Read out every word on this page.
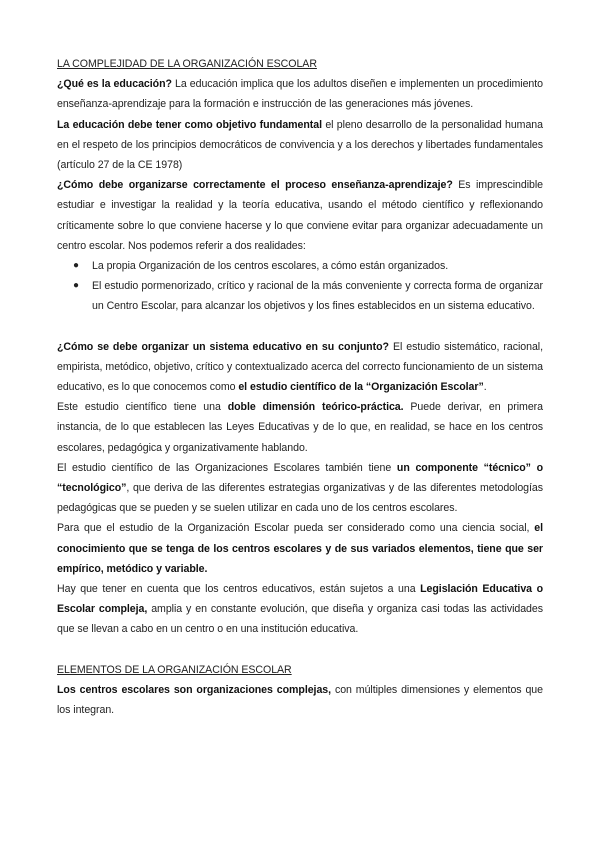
LA COMPLEJIDAD DE LA ORGANIZACIÓN ESCOLAR

¿Qué es la educación? La educación implica que los adultos diseñen e implementen un procedimiento enseñanza-aprendizaje para la formación e instrucción de las generaciones más jóvenes.

La educación debe tener como objetivo fundamental el pleno desarrollo de la personalidad humana en el respeto de los principios democráticos de convivencia y a los derechos y libertades fundamentales (artículo 27 de la CE 1978)

¿Cómo debe organizarse correctamente el proceso enseñanza-aprendizaje? Es imprescindible estudiar e investigar la realidad y la teoría educativa, usando el método científico y reflexionando críticamente sobre lo que conviene hacerse y lo que conviene evitar para organizar adecuadamente un centro escolar. Nos podemos referir a dos realidades:

● La propia Organización de los centros escolares, a cómo están organizados.
● El estudio pormenorizado, crítico y racional de la más conveniente y correcta forma de organizar un Centro Escolar, para alcanzar los objetivos y los fines establecidos en un sistema educativo.

¿Cómo se debe organizar un sistema educativo en su conjunto? El estudio sistemático, racional, empirista, metódico, objetivo, crítico y contextualizado acerca del correcto funcionamiento de un sistema educativo, es lo que conocemos como el estudio científico de la “Organización Escolar”.

Este estudio científico tiene una doble dimensión teórico-práctica. Puede derivar, en primera instancia, de lo que establecen las Leyes Educativas y de lo que, en realidad, se hace en los centros escolares, pedagógica y organizativamente hablando.

El estudio científico de las Organizaciones Escolares también tiene un componente “técnico” o “tecnológico”, que deriva de las diferentes estrategias organizativas y de las diferentes metodologías pedagógicas que se pueden y se suelen utilizar en cada uno de los centros escolares.

Para que el estudio de la Organización Escolar pueda ser considerado como una ciencia social, el conocimiento que se tenga de los centros escolares y de sus variados elementos, tiene que ser empírico, metódico y variable.

Hay que tener en cuenta que los centros educativos, están sujetos a una Legislación Educativa o Escolar compleja, amplia y en constante evolución, que diseña y organiza casi todas las actividades que se llevan a cabo en un centro o en una institución educativa.

ELEMENTOS DE LA ORGANIZACIÓN ESCOLAR

Los centros escolares son organizaciones complejas, con múltiples dimensiones y elementos que los integran.
